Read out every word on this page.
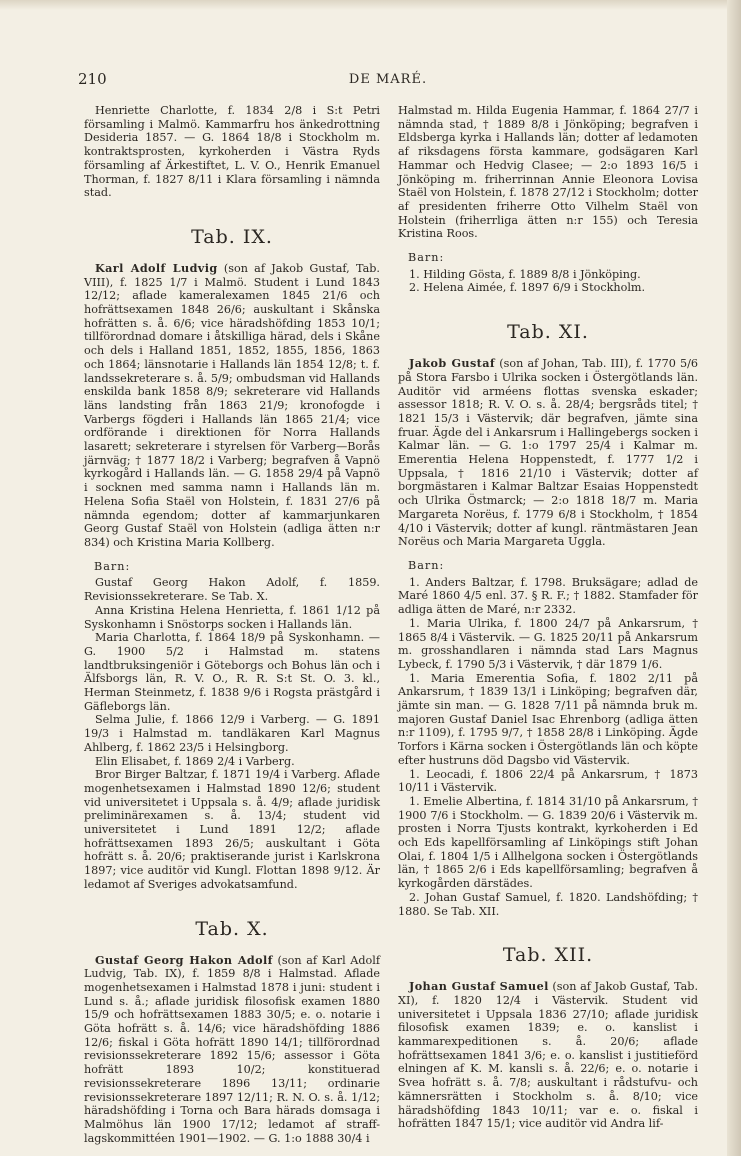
210	DE MARÉ.

Henriette Charlotte, f. 1834 2/8 i S:t Petri församling i Malmö. Kammarfru hos änkedrottning Desideria 1857. — G. 1864 18/8 i Stockholm m. kontraktsprosten, kyrkoherden i Västra Ryds församling af Ärkestiftet, L. V. O., Henrik Emanuel Thorman, f. 1827 8/11 i Klara församling i nämnda stad.

Tab. IX.

Karl Adolf Ludvig (son af Jakob Gustaf, Tab. VIII), f. 1825 1/7 i Malmö. Student i Lund 1843 12/12; aflade kameralexamen 1845 21/6 och hofrättsexamen 1848 26/6; auskultant i Skånska hofrätten s. å. 6/6; vice häradshöfding 1853 10/1; tillförordnad domare i åtskilliga härad, dels i Skåne och dels i Halland 1851, 1852, 1855, 1856, 1863 och 1864; länsnotarie i Hallands län 1854 12/8; t. f. landssekreterare s. å. 5/9; ombudsman vid Hallands enskilda bank 1858 8/9; sekreterare vid Hallands läns landsting från 1863 21/9; kronofogde i Varbergs fögderi i Hallands län 1865 21/4; vice ordförande i direktionen för Norra Hallands lasarett; sekreterare i styrelsen för Varberg—Borås järnväg; † 1877 18/2 i Varberg; begrafven å Vapnö kyrkogård i Hallands län. — G. 1858 29/4 på Vapnö i socknen med samma namn i Hallands län m. Helena Sofia Staël von Holstein, f. 1831 27/6 på nämnda egendom; dotter af kammarjunkaren Georg Gustaf Staël von Holstein (adliga ätten n:r 834) och Kristina Maria Kollberg.

Barn:

Gustaf Georg Hakon Adolf, f. 1859. Revisionssekreterare. Se Tab. X.

Anna Kristina Helena Henrietta, f. 1861 1/12 på Syskonhamn i Snöstorps socken i Hallands län.

Maria Charlotta, f. 1864 18/9 på Syskonhamn. — G. 1900 5/2 i Halmstad m. statens landtbruksingeniör i Göteborgs och Bohus län och i Älfsborgs län, R. V. O., R. R. S:t St. O. 3. kl., Herman Steinmetz, f. 1838 9/6 i Rogsta prästgård i Gäfleborgs län.

Selma Julie, f. 1866 12/9 i Varberg. — G. 1891 19/3 i Halmstad m. tandläkaren Karl Magnus Ahlberg, f. 1862 23/5 i Helsingborg.

Elin Elisabet, f. 1869 2/4 i Varberg.

Bror Birger Baltzar, f. 1871 19/4 i Varberg. Aflade mogenhetsexamen i Halmstad 1890 12/6; student vid universitetet i Uppsala s. å. 4/9; aflade juridisk preliminärexamen s. å. 13/4; student vid universitetet i Lund 1891 12/2; aflade hofrättsexamen 1893 26/5; auskultant i Göta hofrätt s. å. 20/6; praktiserande jurist i Karlskrona 1897; vice auditör vid Kungl. Flottan 1898 9/12. Är ledamot af Sveriges advokatsamfund.

Tab. X.

Gustaf Georg Hakon Adolf (son af Karl Adolf Ludvig, Tab. IX), f. 1859 8/8 i Halmstad. Aflade mogenhetsexamen i Halmstad 1878 i juni: student i Lund s. å.; aflade juridisk filosofisk examen 1880 15/9 och hofrättsexamen 1883 30/5; e. o. notarie i Göta hofrätt s. å. 14/6; vice häradshöfding 1886 12/6; fiskal i Göta hofrätt 1890 14/1; tillförordnad revisionssekreterare 1892 15/6; assessor i Göta hofrätt 1893 10/2; konstituerad revisionssekreterare 1896 13/11; ordinarie revisionssekreterare 1897 12/11; R. N. O. s. å. 1/12; häradshöfding i Torna och Bara härads domsaga i Malmöhus län 1900 17/12; ledamot af straff-lagskommittéen 1901—1902. — G. 1:o 1888 30/4 i

Halmstad m. Hilda Eugenia Hammar, f. 1864 27/7 i nämnda stad, † 1889 8/8 i Jönköping; begrafven i Eldsberga kyrka i Hallands län; dotter af ledamoten af riksdagens första kammare, godsägaren Karl Hammar och Hedvig Clasee; — 2:o 1893 16/5 i Jönköping m. friherrinnan Annie Eleonora Lovisa Staël von Holstein, f. 1878 27/12 i Stockholm; dotter af presidenten friherre Otto Vilhelm Staël von Holstein (friherrliga ätten n:r 155) och Teresia Kristina Roos.

Barn:

1. Hilding Gösta, f. 1889 8/8 i Jönköping.

2. Helena Aimée, f. 1897 6/9 i Stockholm.

Tab. XI.

Jakob Gustaf (son af Johan, Tab. III), f. 1770 5/6 på Stora Farsbo i Ulrika socken i Östergötlands län. Auditör vid arméens flottas svenska eskader; assessor 1818; R. V. O. s. å. 28/4; bergsråds titel; † 1821 15/3 i Västervik; där begrafven, jämte sina fruar. Ägde del i Ankarsrum i Hallingebergs socken i Kalmar län. — G. 1:o 1797 25/4 i Kalmar m. Emerentia Helena Hoppenstedt, f. 1777 1/2 i Uppsala, † 1816 21/10 i Västervik; dotter af borgmästaren i Kalmar Baltzar Esaias Hoppenstedt och Ulrika Östmarck; — 2:o 1818 18/7 m. Maria Margareta Norëus, f. 1779 6/8 i Stockholm, † 1854 4/10 i Västervik; dotter af kungl. räntmästaren Jean Norëus och Maria Margareta Uggla.

Barn:

1. Anders Baltzar, f. 1798. Bruksägare; adlad de Maré 1860 4/5 enl. 37. § R. F.; † 1882. Stamfader för adliga ätten de Maré, n:r 2332.

1. Maria Ulrika, f. 1800 24/7 på Ankarsrum, † 1865 8/4 i Västervik. — G. 1825 20/11 på Ankarsrum m. grosshandlaren i nämnda stad Lars Magnus Lybeck, f. 1790 5/3 i Västervik, † där 1879 1/6.

1. Maria Emerentia Sofia, f. 1802 2/11 på Ankarsrum, † 1839 13/1 i Linköping; begrafven där, jämte sin man. — G. 1828 7/11 på nämnda bruk m. majoren Gustaf Daniel Isac Ehrenborg (adliga ätten n:r 1109), f. 1795 9/7, † 1858 28/8 i Linköping. Ägde Torfors i Kärna socken i Östergötlands län och köpte efter hustruns död Dagsbo vid Västervik.

1. Leocadi, f. 1806 22/4 på Ankarsrum, † 1873 10/11 i Västervik.

1. Emelie Albertina, f. 1814 31/10 på Ankarsrum, † 1900 7/6 i Stockholm. — G. 1839 20/6 i Västervik m. prosten i Norra Tjusts kontrakt, kyrkoherden i Ed och Eds kapellförsamling af Linköpings stift Johan Olai, f. 1804 1/5 i Allhelgona socken i Östergötlands län, † 1865 2/6 i Eds kapellförsamling; begrafven å kyrkogården därstädes.

2. Johan Gustaf Samuel, f. 1820. Landshöfding; † 1880. Se Tab. XII.

Tab. XII.

Johan Gustaf Samuel (son af Jakob Gustaf, Tab. XI), f. 1820 12/4 i Västervik. Student vid universitetet i Uppsala 1836 27/10; aflade juridisk filosofisk examen 1839; e. o. kanslist i kammarexpeditionen s. å. 20/6; aflade hofrättsexamen 1841 3/6; e. o. kanslist i justitieförd elningen af K. M. kansli s. å. 22/6; e. o. notarie i Svea hofrätt s. å. 7/8; auskultant i rådstufvu- och kämnersrätten i Stockholm s. å. 8/10; vice häradshöfding 1843 10/11; var e. o. fiskal i hofrätten 1847 15/1; vice auditör vid Andra lif-
